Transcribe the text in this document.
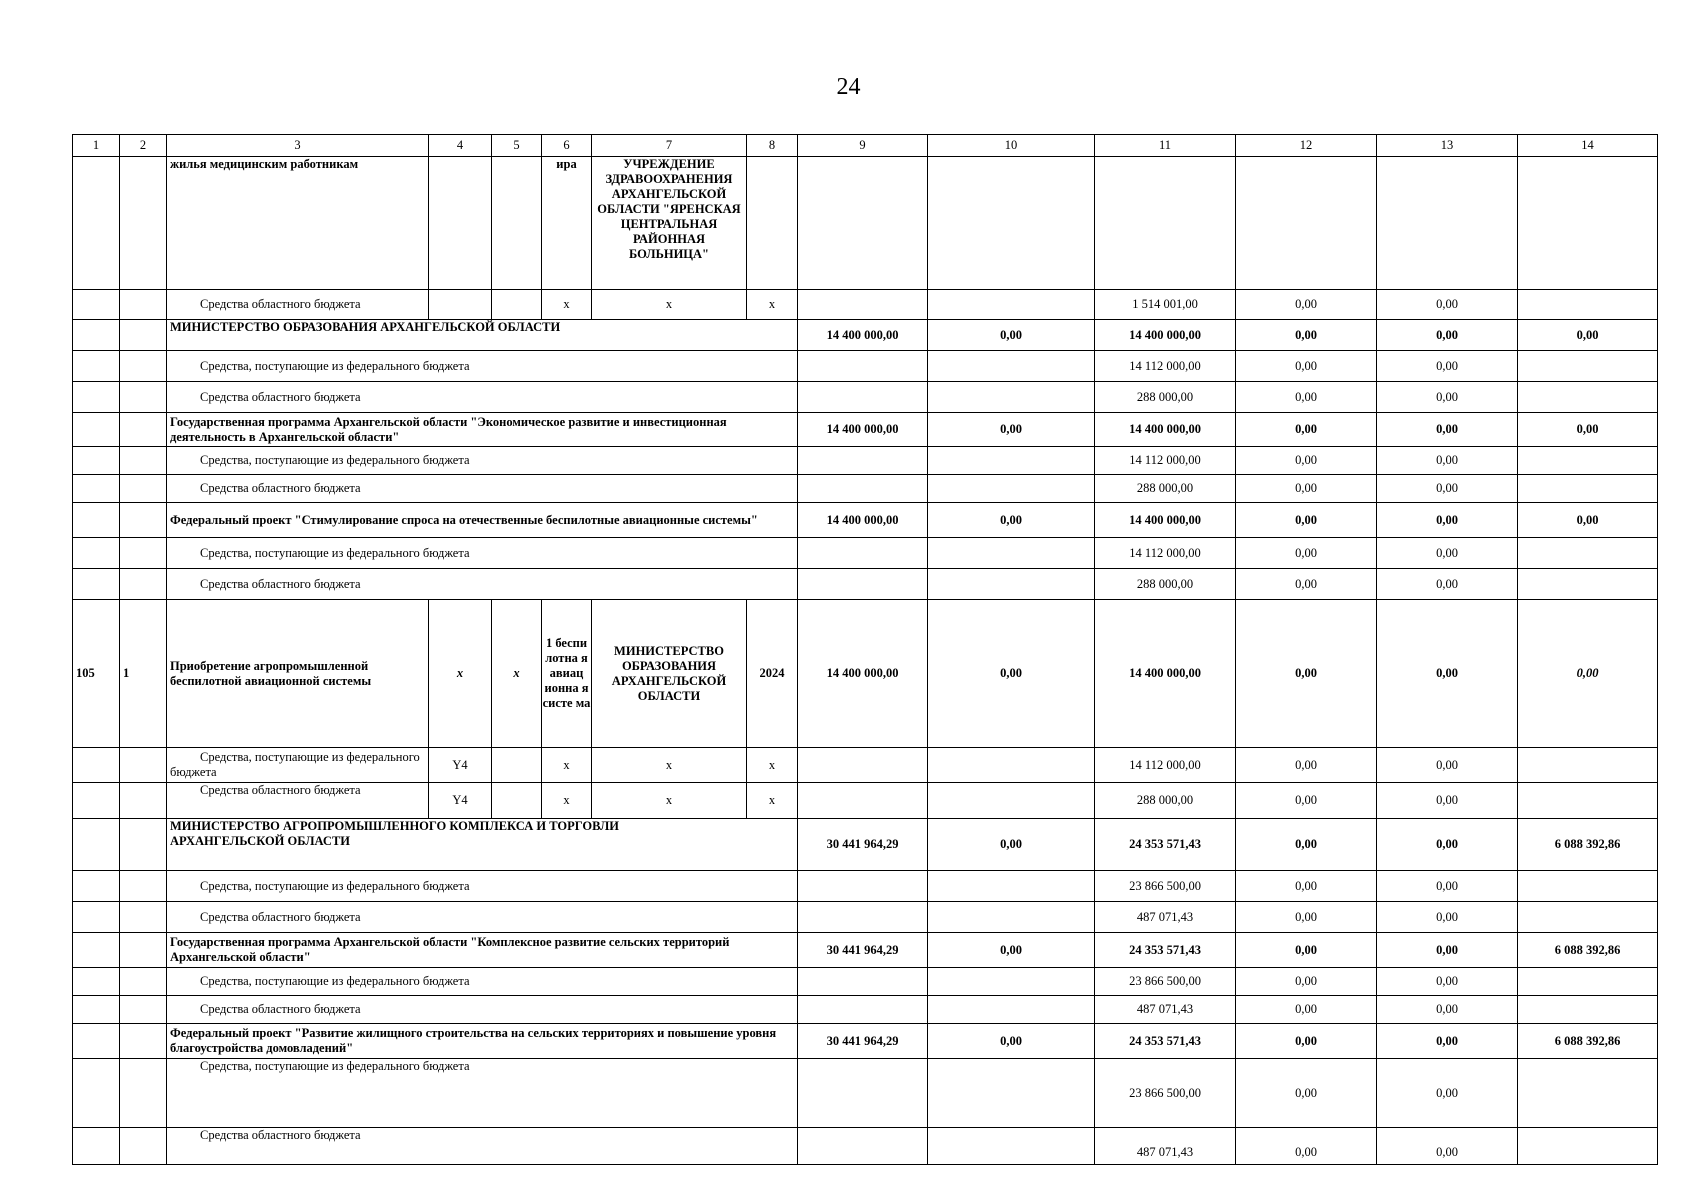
24
1	2	3	4	5	6	7	8	9	10	11	12	13	14
		жилья медицинским работникам			ира	УЧРЕЖДЕНИЕ ЗДРАВООХРАНЕНИЯ АРХАНГЕЛЬСКОЙ ОБЛАСТИ "ЯРЕНСКАЯ ЦЕНТРАЛЬНАЯ РАЙОННАЯ БОЛЬНИЦА"							
		Средства областного бюджета			х	х	х			1 514 001,00	0,00	0,00	
		МИНИСТЕРСТВО ОБРАЗОВАНИЯ АРХАНГЕЛЬСКОЙ ОБЛАСТИ						14 400 000,00	0,00	14 400 000,00	0,00	0,00	0,00
		Средства, поступающие из федерального бюджета								14 112 000,00	0,00	0,00	
		Средства областного бюджета								288 000,00	0,00	0,00	
		Государственная программа Архангельской области "Экономическое развитие и инвестиционная деятельность в Архангельской области"						14 400 000,00	0,00	14 400 000,00	0,00	0,00	0,00
		Средства, поступающие из федерального бюджета								14 112 000,00	0,00	0,00	
		Средства областного бюджета								288 000,00	0,00	0,00	
		Федеральный проект "Стимулирование спроса на отечественные беспилотные авиационные системы"						14 400 000,00	0,00	14 400 000,00	0,00	0,00	0,00
		Средства, поступающие из федерального бюджета								14 112 000,00	0,00	0,00	
		Средства областного бюджета								288 000,00	0,00	0,00	
105	1	Приобретение агропромышленной беспилотной авиационной системы	х	х	1 беспи лотна я авиац ионна я систе ма	МИНИСТЕРСТВО ОБРАЗОВАНИЯ АРХАНГЕЛЬСКОЙ ОБЛАСТИ	2024	14 400 000,00	0,00	14 400 000,00	0,00	0,00	0,00
		Средства, поступающие из федерального бюджета	Y4		х	х	х			14 112 000,00	0,00	0,00	
		Средства областного бюджета	Y4		х	х	х			288 000,00	0,00	0,00	

		МИНИСТЕРСТВО АГРОПРОМЫШЛЕННОГО КОМПЛЕКСА И ТОРГОВЛИ АРХАНГЕЛЬСКОЙ ОБЛАСТИ						30 441 964,29	0,00	24 353 571,43	0,00	0,00	6 088 392,86
		Средства, поступающие из федерального бюджета								23 866 500,00	0,00	0,00	
		Средства областного бюджета								487 071,43	0,00	0,00	
		Государственная программа Архангельской области "Комплексное развитие сельских территорий Архангельской области"						30 441 964,29	0,00	24 353 571,43	0,00	0,00	6 088 392,86
		Средства, поступающие из федерального бюджета								23 866 500,00	0,00	0,00	
		Средства областного бюджета								487 071,43	0,00	0,00	
		Федеральный проект "Развитие жилищного строительства на сельских территориях и повышение уровня благоустройства домовладений"						30 441 964,29	0,00	24 353 571,43	0,00	0,00	6 088 392,86
		Средства, поступающие из федерального бюджета								23 866 500,00	0,00	0,00	
		Средства областного бюджета								487 071,43	0,00	0,00	
